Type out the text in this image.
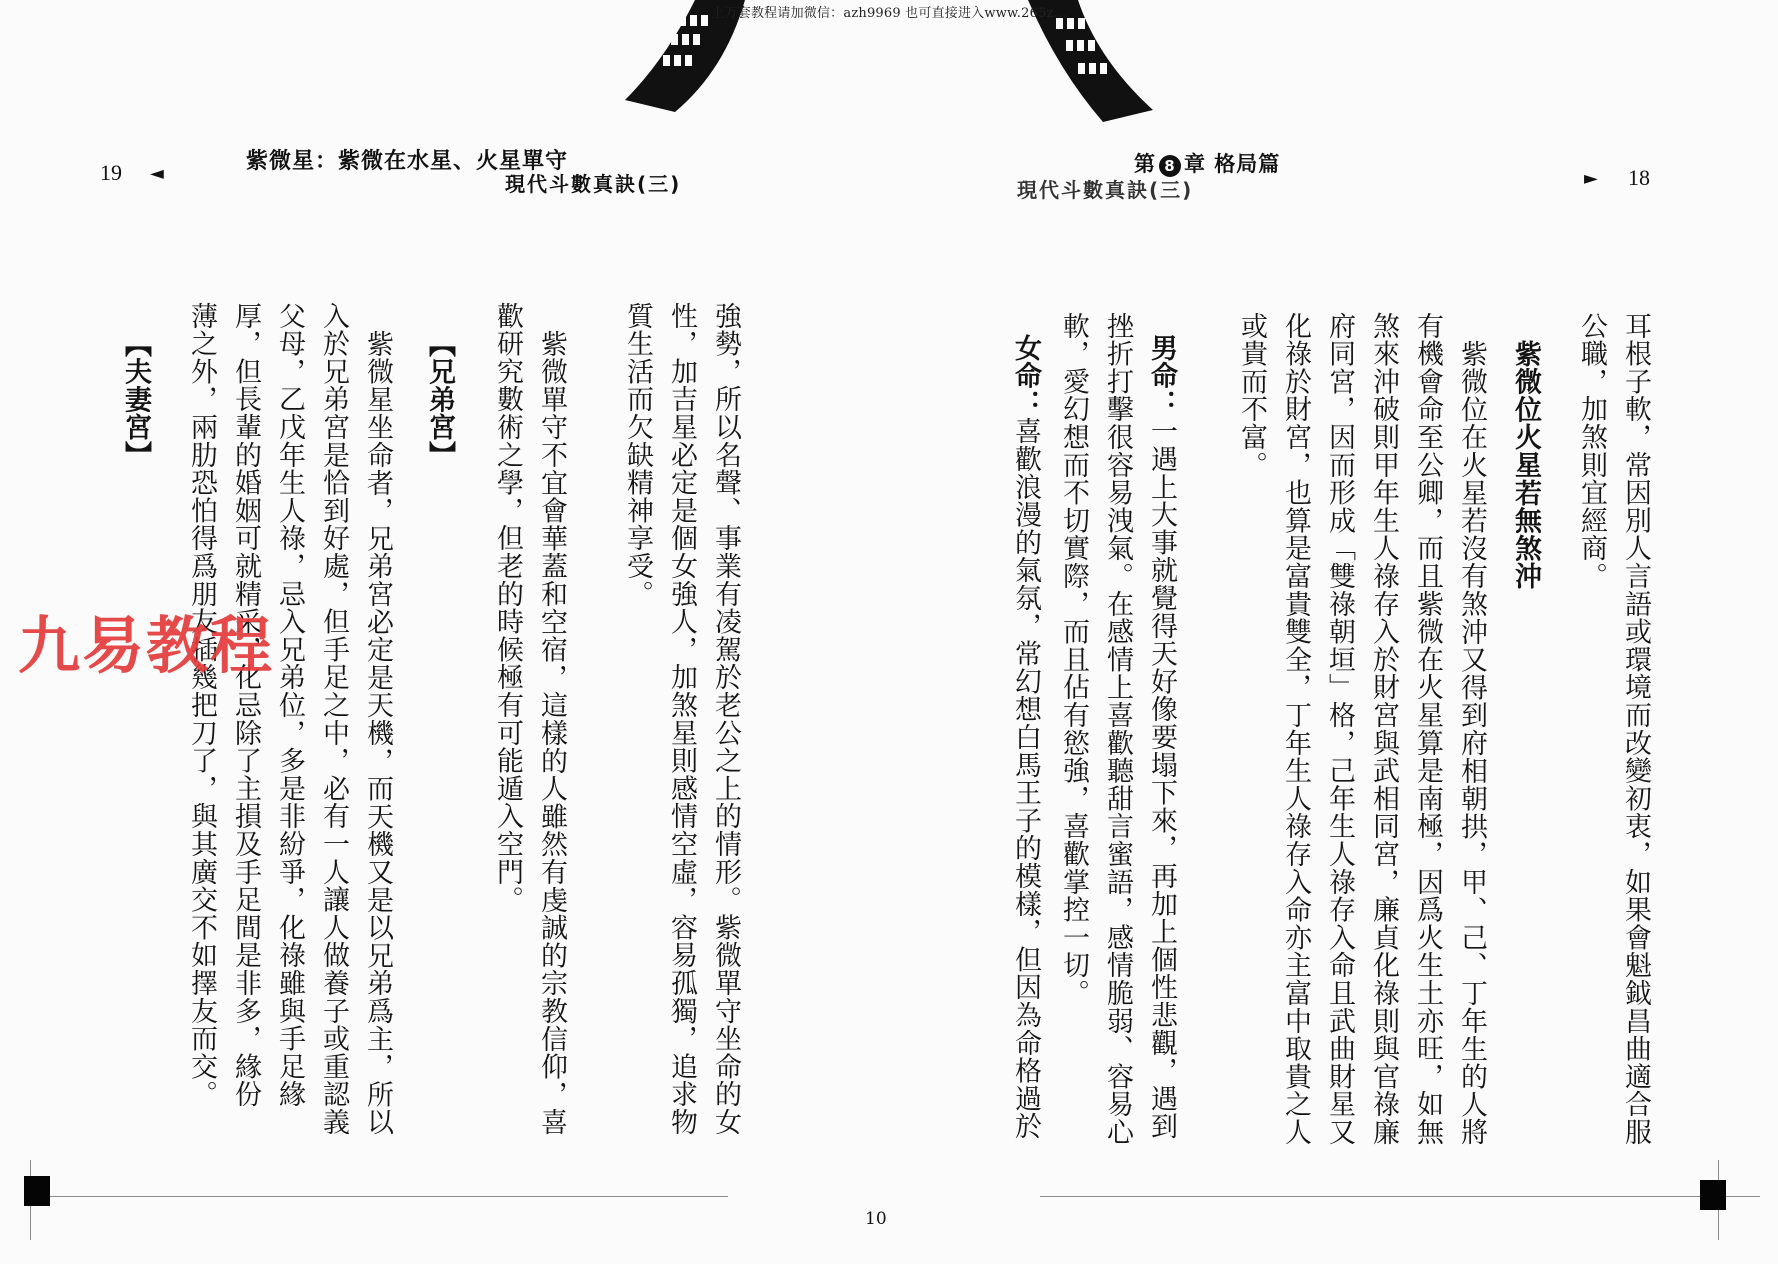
上万套教程请加微信：azh9969 也可直接进入www.265z...
19 ◄	紫微星：紫微在水星、火星單守
現代斗數真訣(三)
第 8 章 格局篇
現代斗數真訣(三)	► 18
耳根子軟，常因別人言語或環境而改變初衷，如果會魁鉞昌曲適合服
公職，加煞則宜經商。
紫微位火星若無煞沖
紫微位在火星若沒有煞沖又得到府相朝拱，甲、己、丁年生的人將
有機會命至公卿，而且紫微在火星算是南極，因爲火生土亦旺，如無
煞來沖破則甲年生人祿存入於財宮與武相同宮，廉貞化祿則與官祿廉
府同宮，因而形成「雙祿朝垣」格，己年生人祿存入命且武曲財星又
化祿於財宮，也算是富貴雙全，丁年生人祿存入命亦主富中取貴之人
或貴而不富。
男命：一遇上大事就覺得天好像要塌下來，再加上個性悲觀，遇到
挫折打擊很容易洩氣。在感情上喜歡聽甜言蜜語，感情脆弱、容易心
軟，愛幻想而不切實際，而且佔有慾強，喜歡掌控一切。
女命：喜歡浪漫的氣氛，常幻想白馬王子的模樣，但因為命格過於
強勢，所以名聲、事業有凌駕於老公之上的情形。紫微單守坐命的女
性，加吉星必定是個女強人，加煞星則感情空虛，容易孤獨，追求物
質生活而欠缺精神享受。
紫微單守不宜會華蓋和空宿，這樣的人雖然有虔誠的宗教信仰，喜
歡研究數術之學，但老的時候極有可能遁入空門。
【兄弟宮】
紫微星坐命者，兄弟宮必定是天機，而天機又是以兄弟爲主，所以
入於兄弟宮是恰到好處，但手足之中，必有一人讓人做養子或重認義
父母，乙戊年生人祿，忌入兄弟位，多是非紛爭，化祿雖與手足緣
厚，但長輩的婚姻可就精采，化忌除了主損及手足間是非多，緣份
薄之外，兩肋恐怕得爲朋友插幾把刀了，與其廣交不如擇友而交。
【夫妻宮】
九易教程
10
